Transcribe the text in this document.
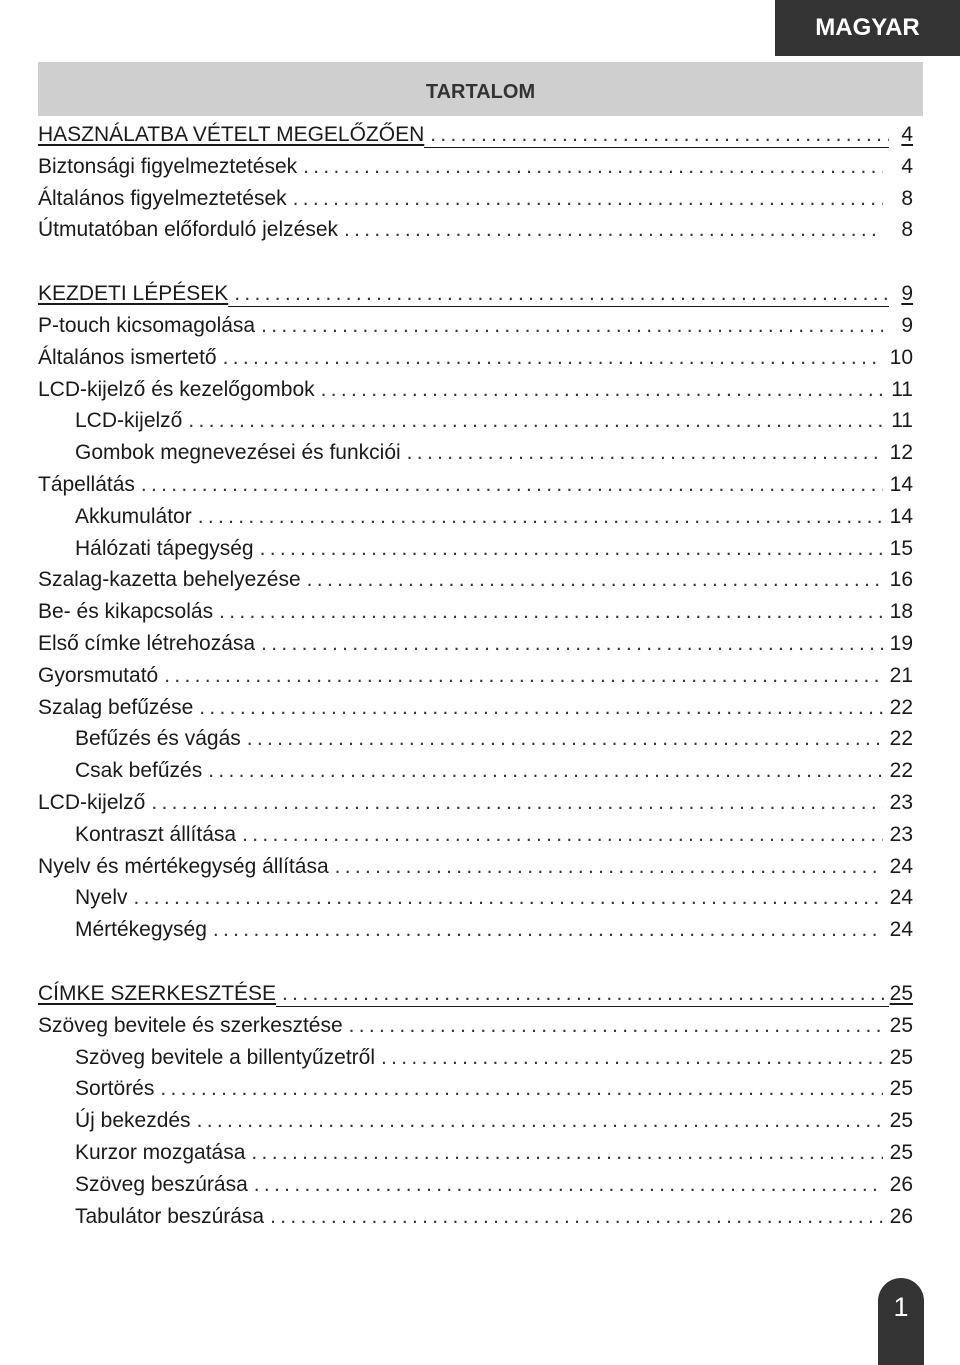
MAGYAR
TARTALOM
HASZNÁLATBA VÉTELT MEGELŐZŐEN .....	4
Biztonsági figyelmeztetések .....	4
Általános figyelmeztetések .....	8
Útmutatóban előforduló jelzések .....	8
KEZDETI LÉPÉSEK .....	9
P-touch kicsomagolása .....	9
Általános ismertető .....	10
LCD-kijelző és kezelőgombok .....	11
LCD-kijelző .....	11
Gombok megnevezései és funkciói .....	12
Tápellátás .....	14
Akkumulátor .....	14
Hálózati tápegység .....	15
Szalag-kazetta behelyezése .....	16
Be- és kikapcsolás .....	18
Első címke létrehozása .....	19
Gyorsmutató .....	21
Szalag befűzése .....	22
Befűzés és vágás .....	22
Csak befűzés .....	22
LCD-kijelző .....	23
Kontraszt állítása .....	23
Nyelv és mértékegység állítása .....	24
Nyelv .....	24
Mértékegység .....	24
CÍMKE SZERKESZTÉSE .....	25
Szöveg bevitele és szerkesztése .....	25
Szöveg bevitele a billentyűzetről .....	25
Sortörés .....	25
Új bekezdés .....	25
Kurzor mozgatása .....	25
Szöveg beszúrása .....	26
Tabulátor beszúrása .....	26
1
